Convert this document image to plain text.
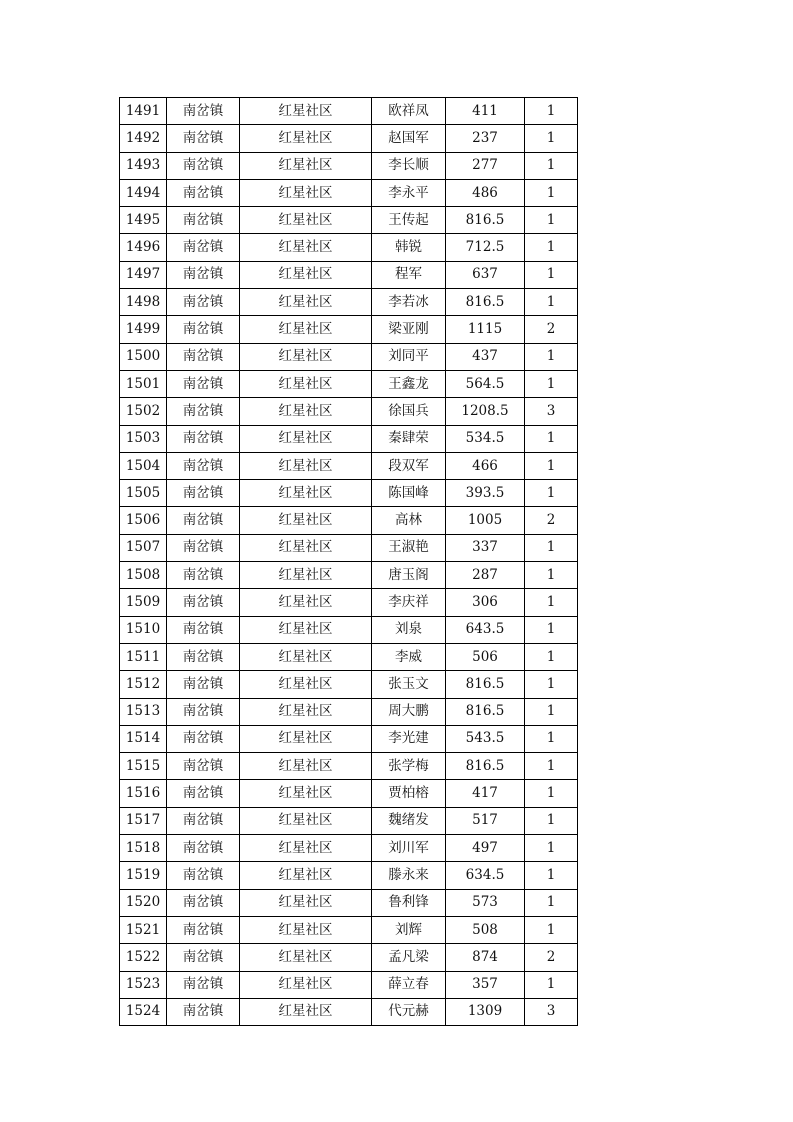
1491	南岔镇	红星社区	欧祥凤	411	1
1492	南岔镇	红星社区	赵国军	237	1
1493	南岔镇	红星社区	李长顺	277	1
1494	南岔镇	红星社区	李永平	486	1
1495	南岔镇	红星社区	王传起	816.5	1
1496	南岔镇	红星社区	韩锐	712.5	1
1497	南岔镇	红星社区	程军	637	1
1498	南岔镇	红星社区	李若冰	816.5	1
1499	南岔镇	红星社区	梁亚刚	1115	2
1500	南岔镇	红星社区	刘同平	437	1
1501	南岔镇	红星社区	王鑫龙	564.5	1
1502	南岔镇	红星社区	徐国兵	1208.5	3
1503	南岔镇	红星社区	秦肆荣	534.5	1
1504	南岔镇	红星社区	段双军	466	1
1505	南岔镇	红星社区	陈国峰	393.5	1
1506	南岔镇	红星社区	高林	1005	2
1507	南岔镇	红星社区	王淑艳	337	1
1508	南岔镇	红星社区	唐玉阁	287	1
1509	南岔镇	红星社区	李庆祥	306	1
1510	南岔镇	红星社区	刘泉	643.5	1
1511	南岔镇	红星社区	李威	506	1
1512	南岔镇	红星社区	张玉文	816.5	1
1513	南岔镇	红星社区	周大鹏	816.5	1
1514	南岔镇	红星社区	李光建	543.5	1
1515	南岔镇	红星社区	张学梅	816.5	1
1516	南岔镇	红星社区	贾柏榕	417	1
1517	南岔镇	红星社区	魏绪发	517	1
1518	南岔镇	红星社区	刘川军	497	1
1519	南岔镇	红星社区	滕永来	634.5	1
1520	南岔镇	红星社区	鲁利锋	573	1
1521	南岔镇	红星社区	刘辉	508	1
1522	南岔镇	红星社区	孟凡梁	874	2
1523	南岔镇	红星社区	薛立春	357	1
1524	南岔镇	红星社区	代元赫	1309	3
